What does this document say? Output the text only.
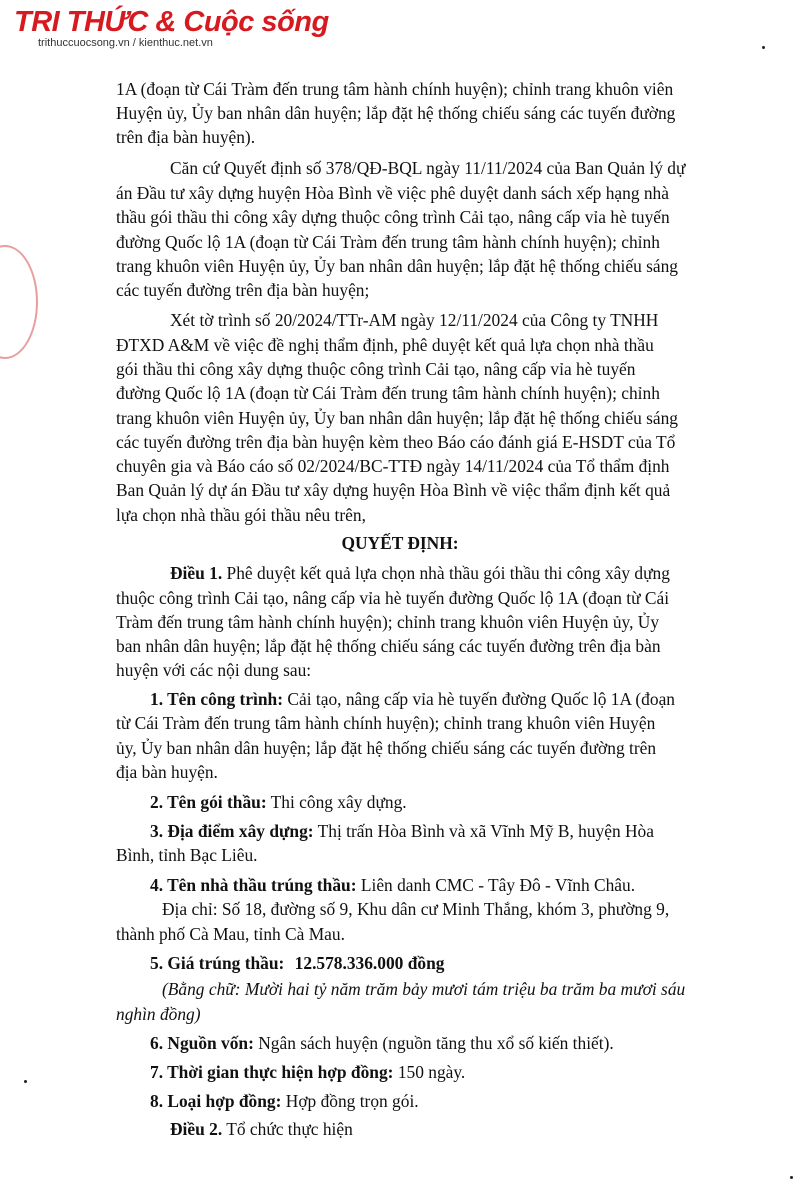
TRI THỨC & Cuộc sống
trithuccuocsong.vn / kienthuc.net.vn
1A (đoạn từ Cái Tràm đến trung tâm hành chính huyện); chỉnh trang khuôn viên
Huyện ủy, Ủy ban nhân dân huyện; lắp đặt hệ thống chiếu sáng các tuyến đường
trên địa bàn huyện).
Căn cứ Quyết định số 378/QĐ-BQL ngày 11/11/2024 của Ban Quản lý dự
án Đầu tư xây dựng huyện Hòa Bình về việc phê duyệt danh sách xếp hạng nhà
thầu gói thầu thi công xây dựng thuộc công trình Cải tạo, nâng cấp vỉa hè tuyến
đường Quốc lộ 1A (đoạn từ Cái Tràm đến trung tâm hành chính huyện); chỉnh
trang khuôn viên Huyện ủy, Ủy ban nhân dân huyện; lắp đặt hệ thống chiếu sáng
các tuyến đường trên địa bàn huyện;
Xét tờ trình số 20/2024/TTr-AM ngày 12/11/2024 của Công ty TNHH
ĐTXD A&M về việc đề nghị thẩm định, phê duyệt kết quả lựa chọn nhà thầu
gói thầu thi công xây dựng thuộc công trình Cải tạo, nâng cấp vỉa hè tuyến
đường Quốc lộ 1A (đoạn từ Cái Tràm đến trung tâm hành chính huyện); chỉnh
trang khuôn viên Huyện ủy, Ủy ban nhân dân huyện; lắp đặt hệ thống chiếu sáng
các tuyến đường trên địa bàn huyện kèm theo Báo cáo đánh giá E-HSDT của Tổ
chuyên gia và Báo cáo số 02/2024/BC-TTĐ ngày 14/11/2024 của Tổ thẩm định
Ban Quản lý dự án Đầu tư xây dựng huyện Hòa Bình về việc thẩm định kết quả
lựa chọn nhà thầu gói thầu nêu trên,
QUYẾT ĐỊNH:
Điều 1. Phê duyệt kết quả lựa chọn nhà thầu gói thầu thi công xây dựng
thuộc công trình Cải tạo, nâng cấp vỉa hè tuyến đường Quốc lộ 1A (đoạn từ Cái
Tràm đến trung tâm hành chính huyện); chỉnh trang khuôn viên Huyện ủy, Ủy
ban nhân dân huyện; lắp đặt hệ thống chiếu sáng các tuyến đường trên địa bàn
huyện với các nội dung sau:
1. Tên công trình: Cải tạo, nâng cấp vỉa hè tuyến đường Quốc lộ 1A (đoạn
từ Cái Tràm đến trung tâm hành chính huyện); chỉnh trang khuôn viên Huyện
ủy, Ủy ban nhân dân huyện; lắp đặt hệ thống chiếu sáng các tuyến đường trên
địa bàn huyện.
2. Tên gói thầu: Thi công xây dựng.
3. Địa điểm xây dựng: Thị trấn Hòa Bình và xã Vĩnh Mỹ B, huyện Hòa
Bình, tỉnh Bạc Liêu.
4. Tên nhà thầu trúng thầu: Liên danh CMC - Tây Đô - Vĩnh Châu.
Địa chỉ: Số 18, đường số 9, Khu dân cư Minh Thắng, khóm 3, phường 9,
thành phố Cà Mau, tỉnh Cà Mau.
5. Giá trúng thầu: 12.578.336.000 đồng
(Bằng chữ: Mười hai tỷ năm trăm bảy mươi tám triệu ba trăm ba mươi sáu
nghìn đồng)
6. Nguồn vốn: Ngân sách huyện (nguồn tăng thu xổ số kiến thiết).
7. Thời gian thực hiện hợp đồng: 150 ngày.
8. Loại hợp đồng: Hợp đồng trọn gói.
Điều 2. Tổ chức thực hiện
